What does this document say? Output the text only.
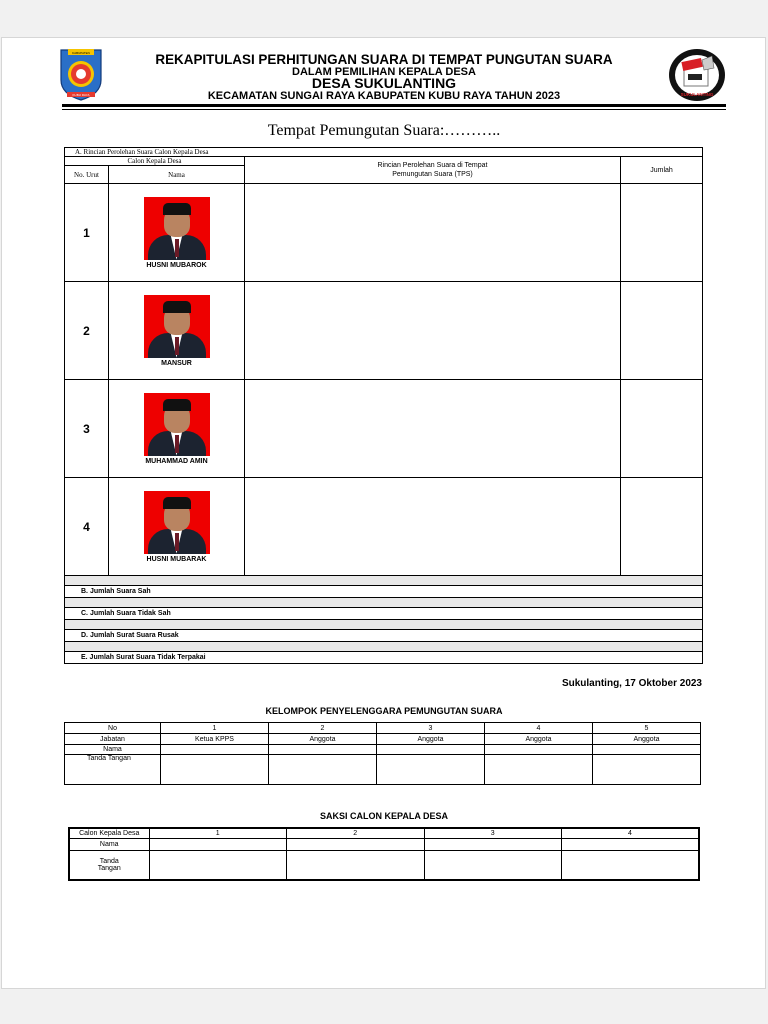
KABUPATEN
KUBU RAYA	SUKULANTING
REKAPITULASI PERHITUNGAN SUARA DI TEMPAT PUNGUTAN SUARA
DALAM PEMILIHAN KEPALA DESA
DESA SUKULANTING
KECAMATAN SUNGAI RAYA KABUPATEN KUBU RAYA TAHUN 2023
Tempat Pemungutan Suara:………..
A. Rincian Perolehan Suara Calon Kepala Desa			
Calon Kepala Desa		Rincian Perolehan Suara di Tempat
Pemungutan Suara (TPS)	Jumlah
No. Urut	Nama		
1	HUSNI MUBAROK		

2	MANSUR		

3	MUHAMMAD AMIN		

4	HUSNI MUBARAK		

B. Jumlah Suara Sah			

C. Jumlah Suara Tidak Sah			

D. Jumlah Surat Suara Rusak			

E. Jumlah Surat Suara Tidak Terpakai			
Sukulanting, 17 Oktober 2023
KELOMPOK PENYELENGGARA PEMUNGUTAN SUARA
No	1	2	3	4	5
Jabatan	Ketua KPPS	Anggota	Anggota	Anggota	Anggota
Nama					
Tanda Tangan					
SAKSI CALON KEPALA DESA
Calon Kepala Desa	1	2	3	4
Nama				
Tanda Tangan				
